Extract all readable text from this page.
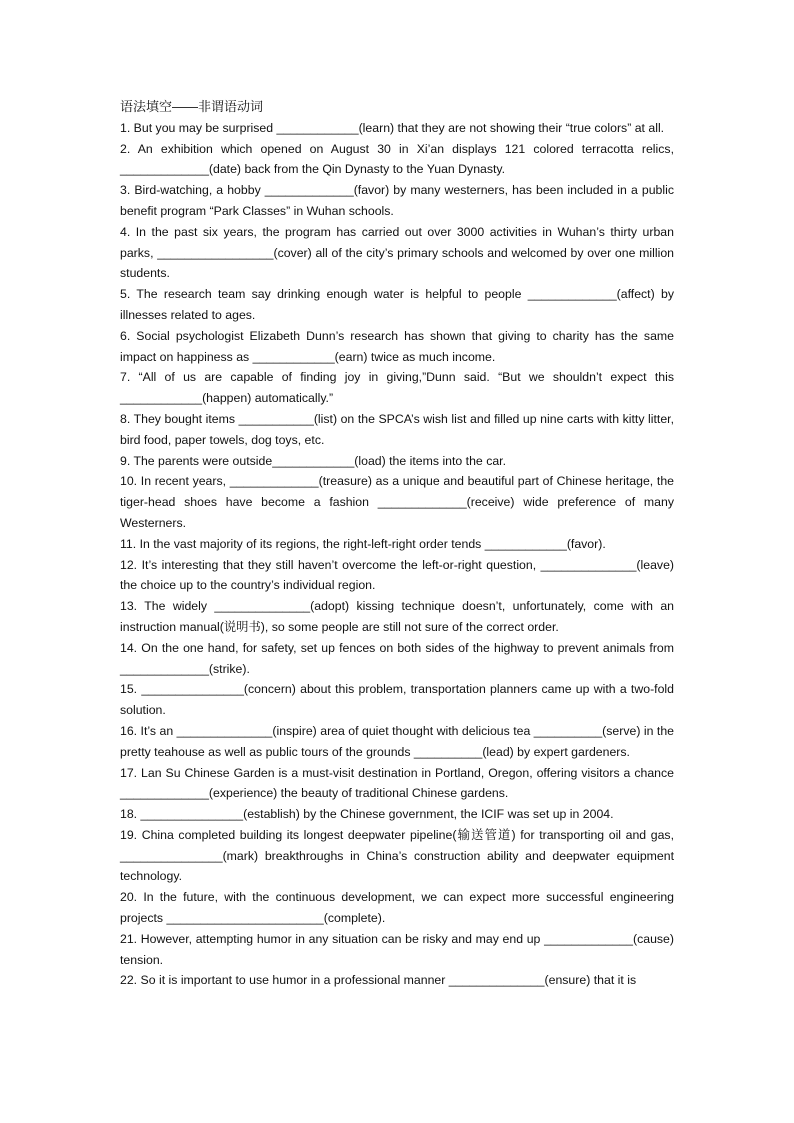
语法填空——非谓语动词

1. But you may be surprised ____________(learn) that they are not showing their “true colors” at all.

2. An exhibition which opened on August 30 in Xi’an displays 121 colored terracotta relics, _____________(date) back from the Qin Dynasty to the Yuan Dynasty.

3. Bird-watching, a hobby _____________(favor) by many westerners, has been included in a public benefit program “Park Classes” in Wuhan schools.

4. In the past six years, the program has carried out over 3000 activities in Wuhan’s thirty urban parks, _________________(cover) all of the city’s primary schools and welcomed by over one million students.

5. The research team say drinking enough water is helpful to people _____________(affect) by illnesses related to ages.

6. Social psychologist Elizabeth Dunn’s research has shown that giving to charity has the same impact on happiness as ____________(earn) twice as much income.

7. “All of us are capable of finding joy in giving,”Dunn said. “But we shouldn’t expect this ____________(happen) automatically.”

8. They bought items ___________(list) on the SPCA’s wish list and filled up nine carts with kitty litter, bird food, paper towels, dog toys, etc.

9. The parents were outside____________(load) the items into the car.

10. In recent years, _____________(treasure) as a unique and beautiful part of Chinese heritage, the tiger-head shoes have become a fashion _____________(receive) wide preference of many Westerners.

11. In the vast majority of its regions, the right-left-right order tends ____________(favor).

12. It’s interesting that they still haven’t overcome the left-or-right question, ______________(leave) the choice up to the country’s individual region.

13. The widely ______________(adopt) kissing technique doesn’t, unfortunately, come with an instruction manual(说明书), so some people are still not sure of the correct order.

14. On the one hand, for safety, set up fences on both sides of the highway to prevent animals from _____________(strike).

15. _______________(concern) about this problem, transportation planners came up with a two-fold solution.

16. It’s an ______________(inspire) area of quiet thought with delicious tea __________(serve) in the pretty teahouse as well as public tours of the grounds __________(lead) by expert gardeners.

17. Lan Su Chinese Garden is a must-visit destination in Portland, Oregon, offering visitors a chance _____________(experience) the beauty of traditional Chinese gardens.

18. _______________(establish) by the Chinese government, the ICIF was set up in 2004.

19. China completed building its longest deepwater pipeline(输送管道) for transporting oil and gas, _______________(mark) breakthroughs in China’s construction ability and deepwater equipment technology.

20. In the future, with the continuous development, we can expect more successful engineering projects _______________________(complete).

21. However, attempting humor in any situation can be risky and may end up _____________(cause) tension.

22. So it is important to use humor in a professional manner ______________(ensure) that it is
